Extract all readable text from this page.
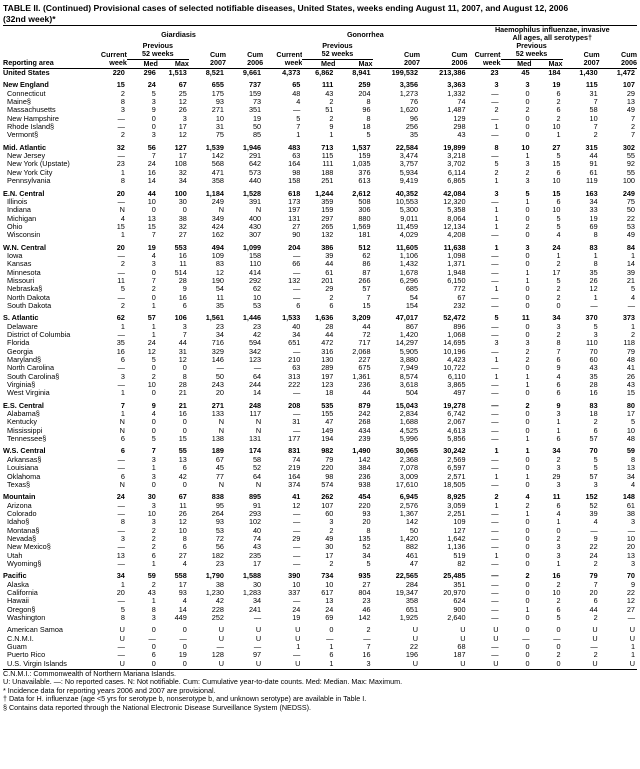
TABLE II. (Continued) Provisional cases of selected notifiable diseases, United States, weeks ending August 11, 2007, and August 12, 2006
(32nd week)*
	Giardiasis					Gonorrhea					Haemophilus influenzae, invasive
All ages, all serotypes†				
		Previous					Previous					Previous			
	Current	52 weeks		Cum	Cum	Current	52 weeks		Cum	Cum	Current	52 weeks		Cum	Cum
Reporting area	week	Med	Max	2007	2006	week	Med	Max	2007	2006	week	Med	Max	2007	2006
United States	220	296	1,513	8,521	9,661	4,373	6,862	8,941	199,532	213,386	23	45	184	1,430	1,472

New England	15	24	67	655	737	65	111	259	3,356	3,363	3	3	19	115	107
Connecticut	2	5	25	175	159	48	43	204	1,273	1,332	—	0	6	31	29
Maine§	8	3	12	93	73	4	2	8	76	74	—	0	2	7	13
Massachusetts	3	9	26	271	351	—	51	96	1,620	1,487	2	2	6	58	49
New Hampshire	—	0	3	10	19	5	2	8	96	129	—	0	2	10	7
Rhode Island§	—	0	17	31	50	7	9	18	256	298	1	0	10	7	2
Vermont§	2	3	12	75	85	1	1	5	35	43	—	0	1	2	7

Mid. Atlantic	32	56	127	1,539	1,946	483	713	1,537	22,584	19,899	8	10	27	315	302
New Jersey	—	7	17	142	291	63	115	159	3,474	3,218	—	1	5	44	55
New York (Upstate)	23	24	108	568	642	164	111	1,035	3,757	3,702	5	3	15	91	92
New York City	1	16	32	471	573	98	188	376	5,934	6,114	2	2	6	61	55
Pennsylvania	8	14	34	358	440	158	251	613	9,419	6,865	1	3	10	119	100

E.N. Central	20	44	100	1,184	1,528	618	1,244	2,612	40,352	42,084	3	5	15	163	249
Illinois	—	10	30	249	391	173	359	508	10,553	12,320	—	1	6	34	75
Indiana	N	0	0	N	N	197	159	306	5,300	5,358	1	0	10	33	50
Michigan	4	13	38	349	400	131	297	880	9,011	8,064	1	0	5	19	22
Ohio	15	15	32	424	430	27	265	1,569	11,459	12,134	1	2	5	69	53
Wisconsin	1	7	27	162	307	90	132	181	4,029	4,208	—	0	4	8	49

W.N. Central	20	19	553	494	1,099	204	386	512	11,605	11,638	1	3	24	83	84
Iowa	—	4	16	109	158	—	39	62	1,106	1,098	—	0	1	1	1
Kansas	2	3	11	83	110	66	44	86	1,432	1,371	—	0	2	8	14
Minnesota	—	0	514	12	414	—	61	87	1,678	1,948	—	1	17	35	39
Missouri	11	7	28	190	292	132	201	266	6,296	6,150	—	1	5	26	21
Nebraska§	5	2	9	54	62	—	29	57	685	772	1	0	2	12	5
North Dakota	—	0	16	11	10	—	2	7	54	67	—	0	2	1	4
South Dakota	2	1	6	35	53	6	6	15	154	232	—	0	0	—	—

S. Atlantic	62	57	106	1,561	1,446	1,533	1,636	3,209	47,017	52,472	5	11	34	370	373
Delaware	1	1	3	23	23	40	28	44	867	896	—	0	3	5	1
District of Columbia	—	1	7	34	42	34	44	72	1,420	1,068	—	0	2	3	2
Florida	35	24	44	716	594	651	472	717	14,297	14,695	3	3	8	110	118
Georgia	16	12	31	329	342	—	316	2,068	5,905	10,196	—	2	7	70	79
Maryland§	6	5	12	146	123	210	130	227	3,880	4,423	1	2	6	60	48
North Carolina	—	0	0	—	—	63	289	675	7,949	10,722	—	0	9	43	41
South Carolina§	3	2	8	50	64	313	197	1,361	8,574	6,110	1	1	4	35	26
Virginia§	—	10	28	243	244	222	123	236	3,618	3,865	—	1	6	28	43
West Virginia	1	0	21	20	14	—	18	44	504	497	—	0	6	16	15

E.S. Central	7	9	21	271	248	208	535	879	15,043	19,278	—	2	9	83	80
Alabama§	1	4	16	133	117	—	155	242	2,834	6,742	—	0	3	18	17
Kentucky	N	0	0	N	N	31	47	268	1,688	2,067	—	0	1	2	5
Mississippi	N	0	0	N	N	—	149	434	4,525	4,613	—	0	1	6	10
Tennessee§	6	5	15	138	131	177	194	239	5,996	5,856	—	1	6	57	48

W.S. Central	6	7	55	189	174	831	982	1,490	30,065	30,242	1	1	34	70	59
Arkansas§	—	3	13	67	58	74	79	142	2,368	2,569	—	0	2	5	8
Louisiana	—	1	6	45	52	219	220	384	7,078	6,597	—	0	3	5	13
Oklahoma	6	3	42	77	64	164	98	236	3,009	2,571	1	1	29	57	34
Texas§	N	0	0	N	N	374	574	938	17,610	18,505	—	0	3	3	4

Mountain	24	30	67	838	895	41	262	454	6,945	8,925	2	4	11	152	148
Arizona	—	3	11	95	91	12	107	220	2,576	3,059	1	2	6	52	61
Colorado	—	10	26	264	293	—	60	93	1,367	2,251	—	1	4	39	38
Idaho§	8	3	12	93	102	—	3	20	142	109	—	0	1	4	3
Montana§	—	2	10	53	40	—	2	8	50	127	—	0	0	—	—
Nevada§	3	2	8	72	74	29	49	135	1,420	1,642	—	0	2	9	10
New Mexico§	—	2	6	56	43	—	30	52	882	1,136	—	0	3	22	20
Utah	13	6	27	182	235	—	17	34	461	519	1	0	3	24	13
Wyoming§	—	1	4	23	17	—	2	5	47	82	—	0	1	2	3

Pacific	34	59	558	1,790	1,588	390	734	935	22,565	25,485	—	2	16	79	70
Alaska	1	2	17	38	30	10	10	27	284	351	—	0	2	7	9
California	20	43	93	1,230	1,283	337	617	804	19,347	20,970	—	0	10	20	22
Hawaii	—	1	4	42	34	—	13	23	358	624	—	0	2	6	12
Oregon§	5	8	14	228	241	24	24	46	651	900	—	1	6	44	27
Washington	8	3	449	252	—	19	69	142	1,925	2,640	—	0	5	2	—

American Samoa	U	0	0	U	U	U	0	2	U	U	U	0	0	U	U
C.N.M.I.	U	—	—	U	U	U	—	—	U	U	U	—	—	U	U
Guam	—	0	0	—	—	1	1	7	22	68	—	0	0	—	1
Puerto Rico	—	6	19	128	97	—	6	16	196	187	—	0	2	2	1
U.S. Virgin Islands	U	0	0	U	U	U	1	3	U	U	U	0	0	U	U
C.N.M.I.: Commonwealth of Northern Mariana Islands.
U: Unavailable. —: No reported cases. N: Not notifiable. Cum: Cumulative year-to-date counts. Med: Median. Max: Maximum.
* Incidence data for reporting years 2006 and 2007 are provisional.
† Data for H. influenzae (age <5 yrs for serotype b, nonserotype b, and unknown serotype) are available in Table I.
§ Contains data reported through the National Electronic Disease Surveillance System (NEDSS).
